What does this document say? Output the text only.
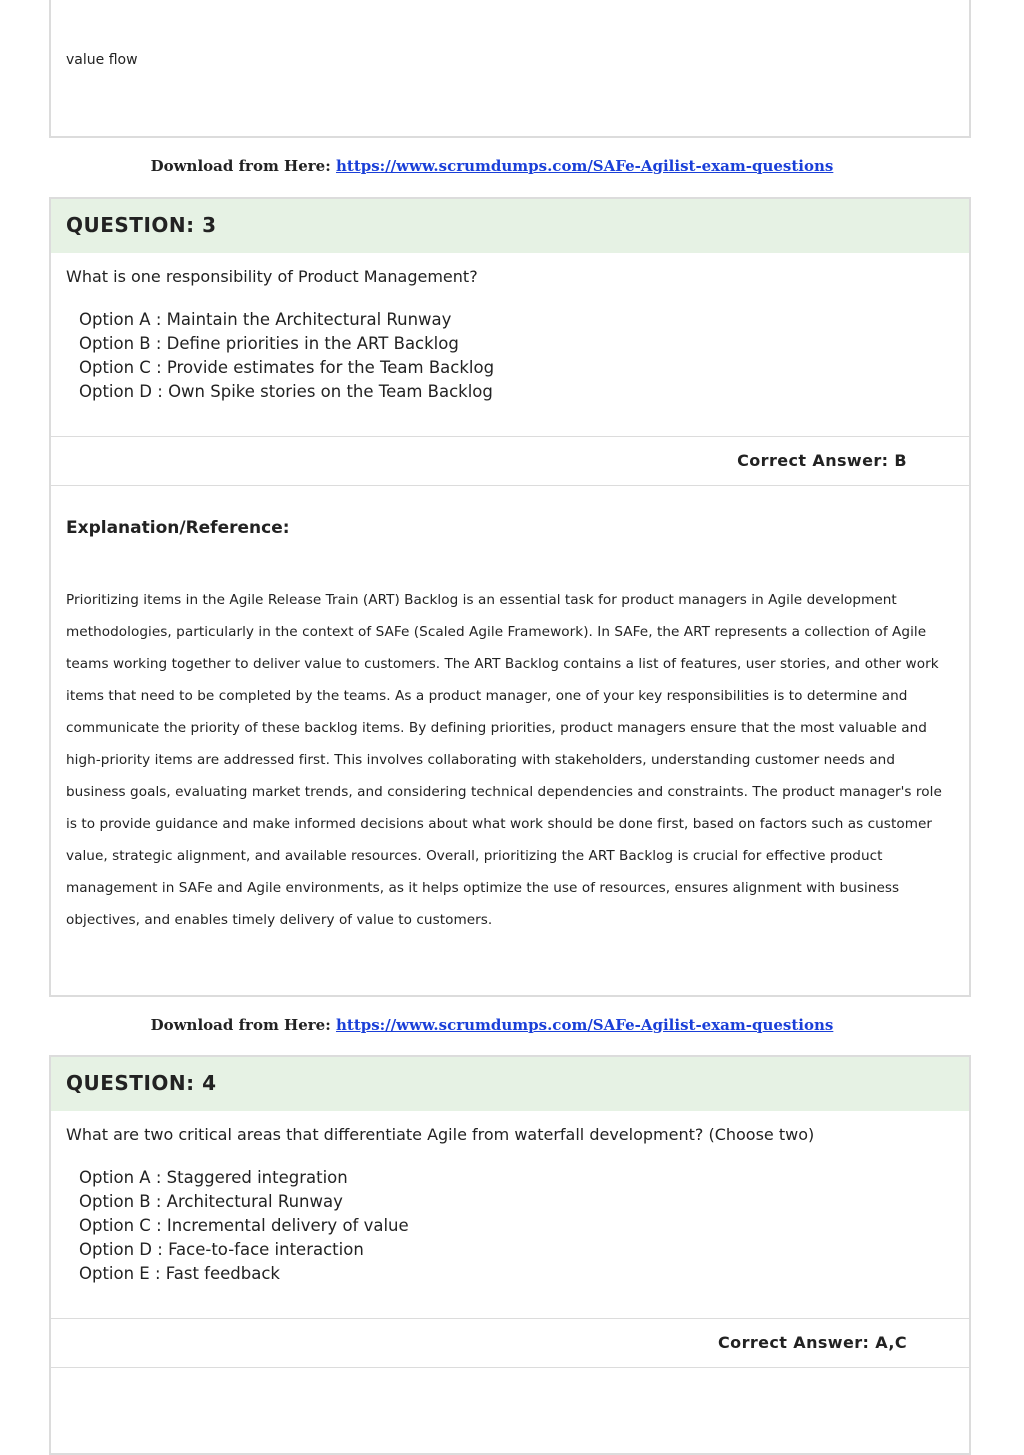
value flow
Download from Here: https://www.scrumdumps.com/SAFe-Agilist-exam-questions
QUESTION: 3

What is one responsibility of Product Management?

Option A : Maintain the Architectural Runway
Option B : Define priorities in the ART Backlog
Option C : Provide estimates for the Team Backlog
Option D : Own Spike stories on the Team Backlog
Correct Answer: B
Explanation/Reference:

Prioritizing items in the Agile Release Train (ART) Backlog is an essential task for product managers in Agile development methodologies, particularly in the context of SAFe (Scaled Agile Framework). In SAFe, the ART represents a collection of Agile teams working together to deliver value to customers. The ART Backlog contains a list of features, user stories, and other work items that need to be completed by the teams. As a product manager, one of your key responsibilities is to determine and communicate the priority of these backlog items. By defining priorities, product managers ensure that the most valuable and high-priority items are addressed first. This involves collaborating with stakeholders, understanding customer needs and business goals, evaluating market trends, and considering technical dependencies and constraints. The product manager's role is to provide guidance and make informed decisions about what work should be done first, based on factors such as customer value, strategic alignment, and available resources. Overall, prioritizing the ART Backlog is crucial for effective product management in SAFe and Agile environments, as it helps optimize the use of resources, ensures alignment with business objectives, and enables timely delivery of value to customers.

Download from Here: https://www.scrumdumps.com/SAFe-Agilist-exam-questions
QUESTION: 4

What are two critical areas that differentiate Agile from waterfall development? (Choose two)

Option A : Staggered integration
Option B : Architectural Runway
Option C : Incremental delivery of value
Option D : Face-to-face interaction
Option E : Fast feedback
Correct Answer: A,C
